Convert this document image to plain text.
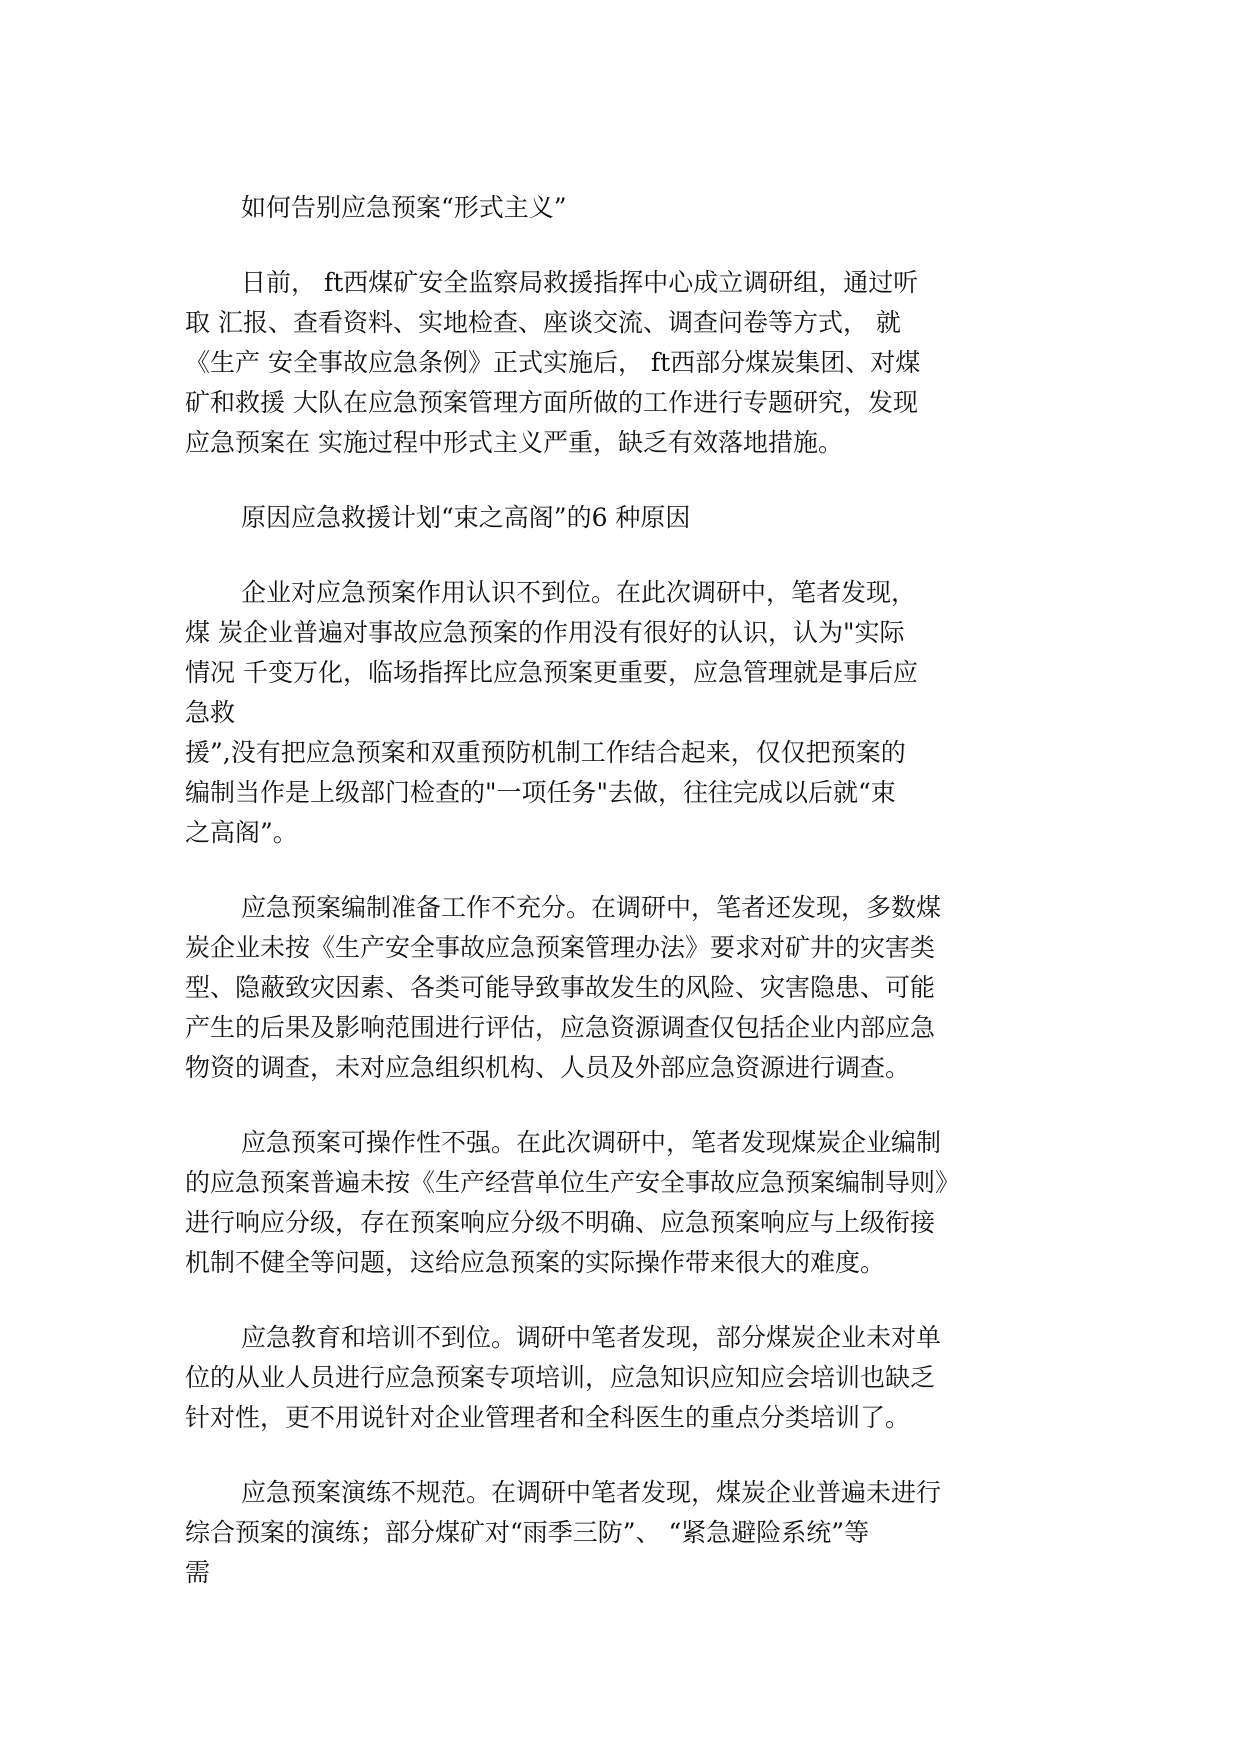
如何告别应急预案“形式主义”

日前， ft西煤矿安全监察局救援指挥中心成立调研组，通过听
取 汇报、查看资料、实地检查、座谈交流、调查问卷等方式， 就
《生产 安全事故应急条例》正式实施后， ft西部分煤炭集团、对煤
矿和救援 大队在应急预案管理方面所做的工作进行专题研究，发现
应急预案在 实施过程中形式主义严重，缺乏有效落地措施。

原因应急救援计划“束之高阁”的6 种原因

企业对应急预案作用认识不到位。在此次调研中，笔者发现，
煤 炭企业普遍对事故应急预案的作用没有很好的认识，认为"实际
情况 千变万化，临场指挥比应急预案更重要，应急管理就是事后应
急救
援”,没有把应急预案和双重预防机制工作结合起来，仅仅把预案的
编制当作是上级部门检查的"一项任务"去做，往往完成以后就“束
之高阁”。

应急预案编制准备工作不充分。在调研中，笔者还发现，多数煤
炭企业未按《生产安全事故应急预案管理办法》要求对矿井的灾害类
型、隐蔽致灾因素、各类可能导致事故发生的风险、灾害隐患、可能
产生的后果及影响范围进行评估，应急资源调查仅包括企业内部应急
物资的调查，未对应急组织机构、人员及外部应急资源进行调查。

应急预案可操作性不强。在此次调研中，笔者发现煤炭企业编制
的应急预案普遍未按《生产经营单位生产安全事故应急预案编制导则》
进行响应分级，存在预案响应分级不明确、应急预案响应与上级衔接
机制不健全等问题，这给应急预案的实际操作带来很大的难度。

应急教育和培训不到位。调研中笔者发现，部分煤炭企业未对单
位的从业人员进行应急预案专项培训，应急知识应知应会培训也缺乏
针对性，更不用说针对企业管理者和全科医生的重点分类培训了。

应急预案演练不规范。在调研中笔者发现，煤炭企业普遍未进行
综合预案的演练；部分煤矿对“雨季三防”、 “紧急避险系统”等
需
